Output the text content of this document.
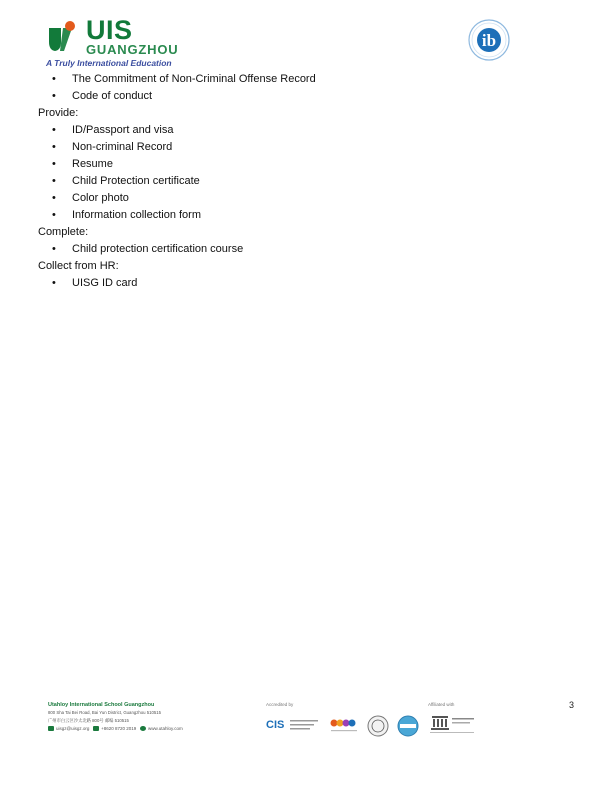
UIS
GUANGZHOU
A Truly International Education
ib
• The Commitment of Non-Criminal Offense Record
• Code of conduct

Provide:

• ID/Passport and visa
• Non-criminal Record
• Resume
• Child Protection certificate
• Color photo
• Information collection form

Complete:

• Child protection certification course

Collect from HR:

• UISG ID card
Utahloy International School Guangzhou
800 Sha Tai Bei Road, Bai Yun District, Guangzhou 510515
广州市白云区沙太北路 800号 邮编 510515
uisgz@uisgz.org	+8620 8720 2019	www.utahloy.com
Accredited by
CIS
Affiliated with	3
